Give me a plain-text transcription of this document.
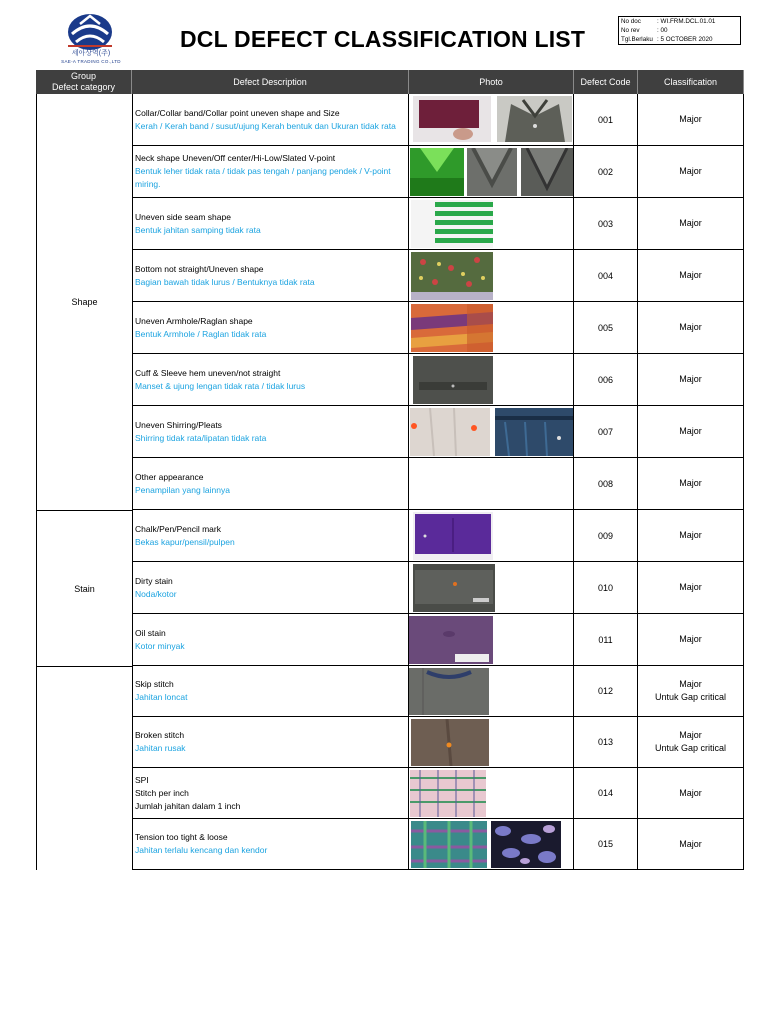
세아상역(주)
SAE-A TRADING CO.,LTD
DCL DEFECT CLASSIFICATION LIST
No doc	: WI.FRM.DCL.01.01
No rev	: 00
Tgl.Berlaku : 5 OCTOBER 2020
Group
Defect category
Defect Description	Photo	Defect Code	Classification
Shape
Stain
Collar/Collar band/Collar point uneven shape and Size
Kerah / Kerah band / susut/ujung Kerah bentuk dan Ukuran tidak rata
001	Major
Neck shape Uneven/Off center/Hi-Low/Slated V-point
Bentuk leher tidak rata / tidak pas tengah / panjang pendek / V-point miring.
002	Major
Uneven side seam shape
Bentuk jahitan samping tidak rata
003	Major
Bottom not straight/Uneven shape
Bagian bawah tidak lurus / Bentuknya tidak rata
004	Major
Uneven Armhole/Raglan shape
Bentuk Armhole / Raglan tidak rata
005	Major
Cuff & Sleeve hem uneven/not straight
Manset & ujung lengan tidak rata / tidak lurus
006	Major
Uneven Shirring/Pleats
Shirring tidak rata/lipatan tidak rata
007	Major
Other appearance
Penampilan yang lainnya
008	Major
Chalk/Pen/Pencil mark
Bekas kapur/pensil/pulpen
009	Major
Dirty stain
Noda/kotor
010	Major
Oil stain
Kotor minyak
011	Major
Skip stitch
Jahitan loncat
012
Major
Untuk Gap critical
Broken stitch
Jahitan rusak
013
Major
Untuk Gap critical
SPI
Stitch per inch
Jumlah jahitan dalam 1 inch
014	Major
Tension too tight & loose
Jahitan terlalu kencang dan kendor
015	Major
